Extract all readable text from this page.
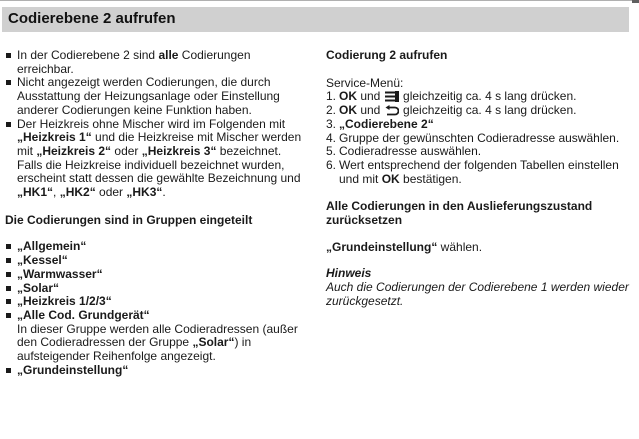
Codierebene 2 aufrufen
In der Codierebene 2 sind alle Codierungen erreichbar.
Nicht angezeigt werden Codierungen, die durch Ausstattung der Heizungsanlage oder Einstellung anderer Codierungen keine Funktion haben.
Der Heizkreis ohne Mischer wird im Folgenden mit „Heizkreis 1“ und die Heizkreise mit Mischer werden mit „Heizkreis 2“ oder „Heizkreis 3“ bezeichnet.
Falls die Heizkreise individuell bezeichnet wurden, erscheint statt dessen die gewählte Bezeichnung und „HK1“, „HK2“ oder „HK3“.
Die Codierungen sind in Gruppen eingeteilt
„Allgemein“
„Kessel“
„Warmwasser“
„Solar“
„Heizkreis 1/2/3“
„Alle Cod. Grundgerät“
In dieser Gruppe werden alle Codieradressen (außer den Codieradressen der Gruppe „Solar“) in aufsteigender Reihenfolge angezeigt.
„Grundeinstellung“
Codierung 2 aufrufen
Service-Menü:
1. OK und  gleichzeitig ca. 4 s lang drücken.
2. OK und  gleichzeitig ca. 4 s lang drücken.
3. „Codierebene 2“
4. Gruppe der gewünschten Codieradresse auswählen.
5. Codieradresse auswählen.
6. Wert entsprechend der folgenden Tabellen einstellen und mit OK bestätigen.
Alle Codierungen in den Auslieferungszustand zurücksetzen
„Grundeinstellung“ wählen.
Hinweis
Auch die Codierungen der Codierebene 1 werden wieder zurückgesetzt.
